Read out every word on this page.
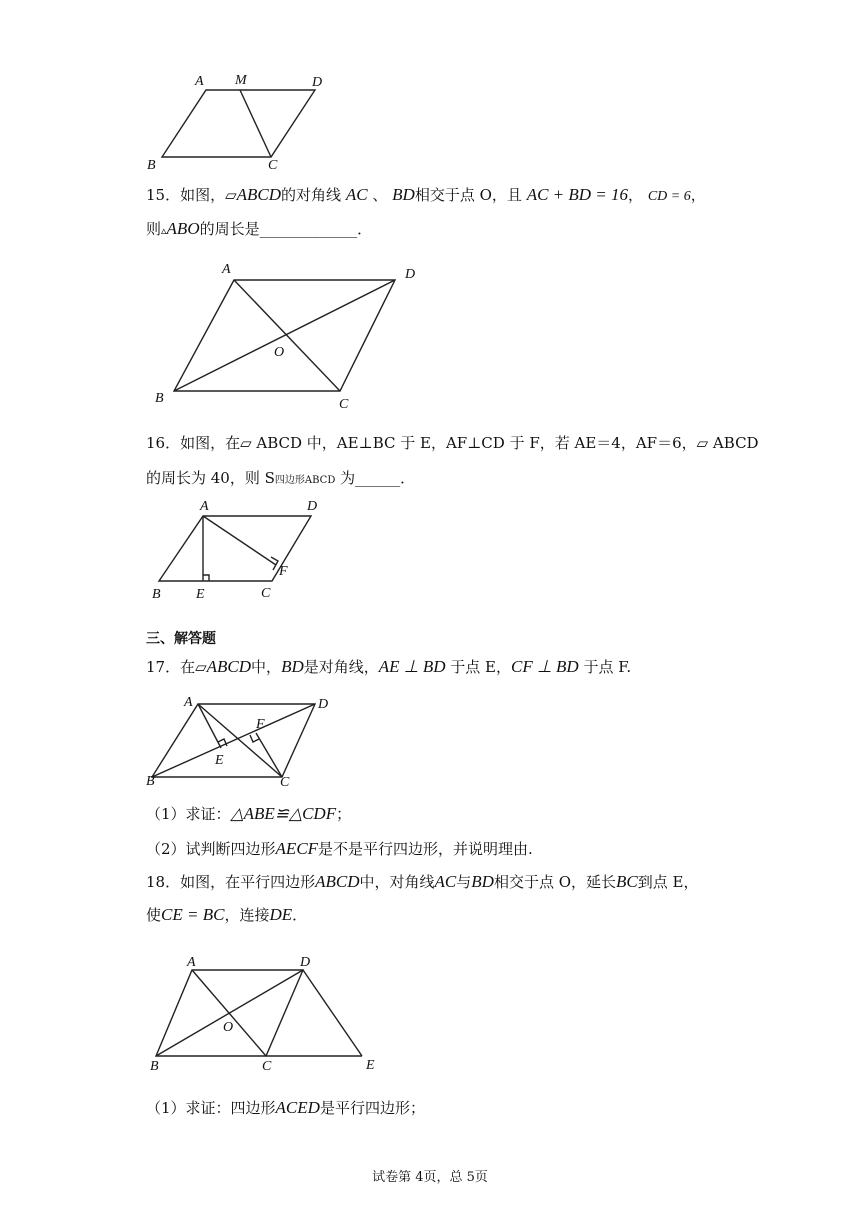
A M	D
B	C
15．如图，▱ABCD的对角线 AC 、 BD相交于点 O，且 AC + BD = 16， CD = 6，
则▵ABO的周长是_____________．
A	D
O
B	C
16．如图，在▱ ABCD 中，AE⊥BC 于 E，AF⊥CD 于 F，若 AE＝4，AF＝6，▱ ABCD
的周长为 40，则 S四边形ABCD 为______．
A	D
F
B	E	C
三、解答题
17．在▱ABCD中，BD是对角线，AE ⊥ BD 于点 E，CF ⊥ BD 于点 F.
A	D
F
E
B	C
（1）求证：△ABE≌△CDF；
（2）试判断四边形AECF是不是平行四边形，并说明理由.
18．如图，在平行四边形ABCD中，对角线AC与BD相交于点 O，延长BC到点 E，
使CE = BC，连接DE．
A	D
O
B	C	E
（1）求证：四边形ACED是平行四边形；
试卷第 4页，总 5页
